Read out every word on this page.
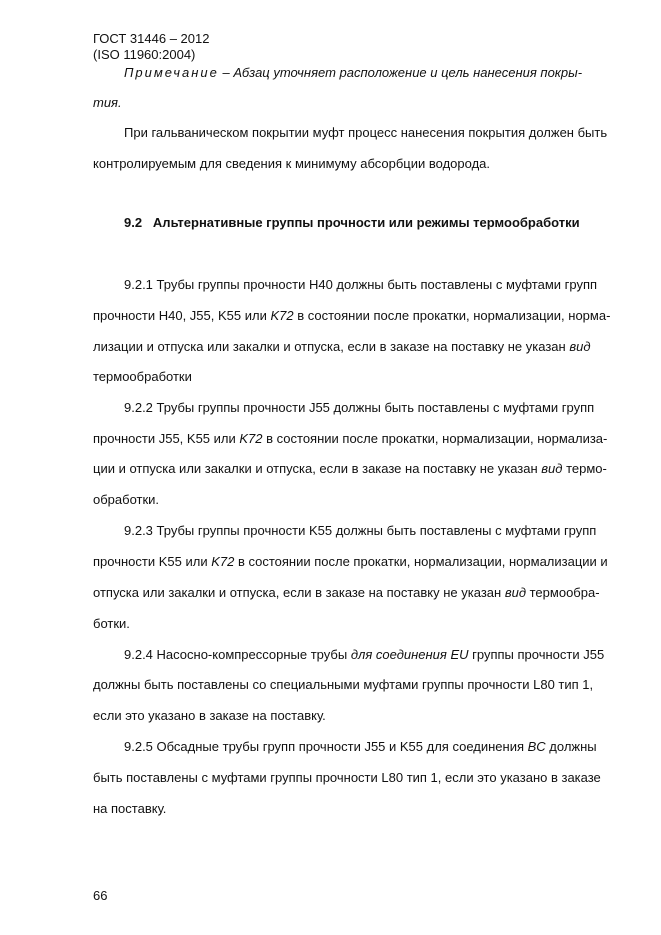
ГОСТ 31446 – 2012
(ISO 11960:2004)
Примечание – Абзац уточняет расположение и цель нанесения покры-
тия.
При гальваническом покрытии муфт процесс нанесения покрытия должен быть
контролируемым для сведения к минимуму абсорбции водорода.
9.2 Альтернативные группы прочности или режимы термообработки
9.2.1 Трубы группы прочности H40 должны быть поставлены с муфтами групп
прочности H40, J55, K55 или K72 в состоянии после прокатки, нормализации, норма-
лизации и отпуска или закалки и отпуска, если в заказе на поставку не указан вид
термообработки
9.2.2 Трубы группы прочности J55 должны быть поставлены с муфтами групп
прочности J55, K55 или K72 в состоянии после прокатки, нормализации, нормализа-
ции и отпуска или закалки и отпуска, если в заказе на поставку не указан вид термо-
обработки.
9.2.3 Трубы группы прочности K55 должны быть поставлены с муфтами групп
прочности K55 или K72 в состоянии после прокатки, нормализации, нормализации и
отпуска или закалки и отпуска, если в заказе на поставку не указан вид термообра-
ботки.
9.2.4 Насосно-компрессорные трубы для соединения EU группы прочности J55
должны быть поставлены со специальными муфтами группы прочности L80 тип 1,
если это указано в заказе на поставку.
9.2.5 Обсадные трубы групп прочности J55 и K55 для соединения BC должны
быть поставлены с муфтами группы прочности L80 тип 1, если это указано в заказе
на поставку.
66
